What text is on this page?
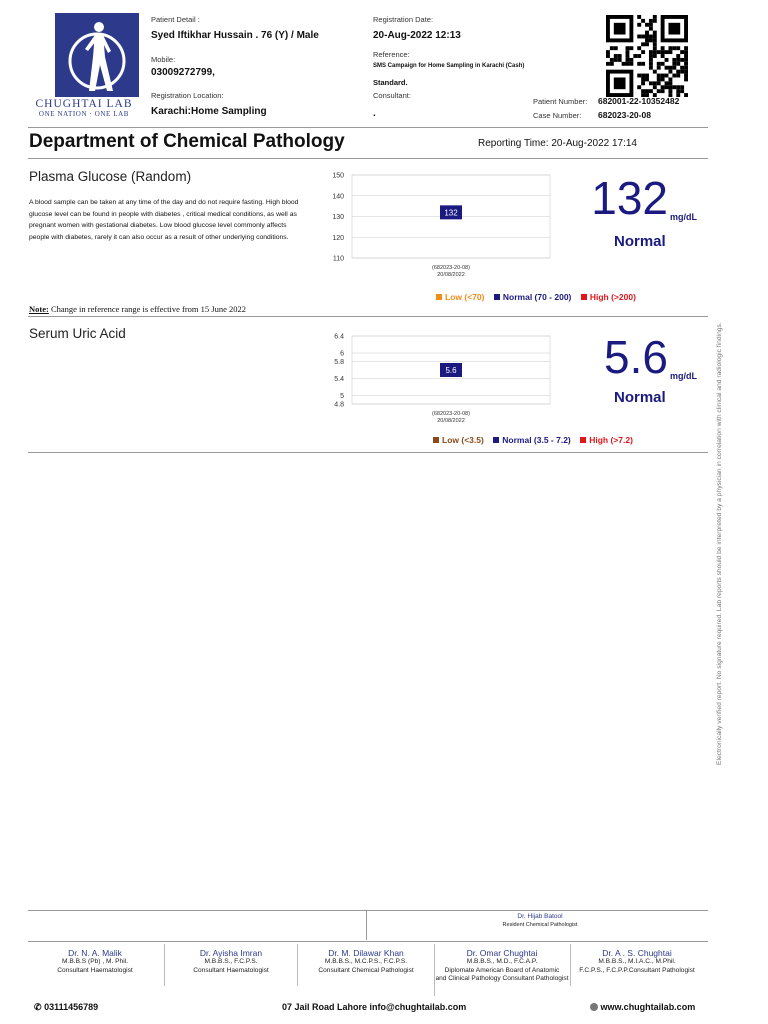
CHUGHTAI LAB
ONE NATION · ONE LAB
Patient Detail :
Syed Iftikhar Hussain . 76 (Y) / Male
Mobile:
03009272799,
Registration Location:
Karachi:Home Sampling
Registration Date:
20-Aug-2022 12:13
Reference:
SMS Campaign for Home Sampling in Karachi (Cash)
Standard.
Consultant:
.
Patient Number: 682001-22-10352482
Case Number: 682023-20-08
Department of Chemical Pathology	Reporting Time: 20-Aug-2022 17:14
Plasma Glucose (Random)
A blood sample can be taken at any time of the day and do not require fasting. High blood glucose level can be found in people with diabetes , critical medical conditions, as well as pregnant women with gestational diabetes. Low blood glucose level commonly affects people with diabetes, rarely it can also occur as a result of other underlying conditions.
150
140
130
120
110
132
(682023-20-08)
20/08/2022
132 mg/dL
Normal
Low (<70) Normal (70 - 200) High (>200)
Note: Change in reference range is effective from 15 June 2022
Serum Uric Acid	6.4
6
5.8
5.4
5
4.8
5.6
(682023-20-08)
20/08/2022
5.6 mg/dL
Normal
Low (<3.5) Normal (3.5 - 7.2) High (>7.2)	Electronically verified report. No signature required. Lab reports should be interpreted by a physician in correlation with clinical and radiologic findings.
Dr. Hijab Batool
Resident Chemical Pathologist
Dr. N. A. Malik
M.B.B.S (Pb) , M. Phil.
Consultant Haematologist
Dr. Ayisha Imran
M.B.B.S., F.C.P.S.
Consultant Haematologist
Dr. M. Dilawar Khan
M.B.B.S., M.C.P.S., F.C.P.S.
Consultant Chemical Pathologist
Dr. Omar Chughtai
M.B.B.S., M.D., F.C.A.P.
Diplomate American Board of Anatomic
and Clinical Pathology Consultant Pathologist
Dr. A . S. Chughtai
M.B.B.S., M.I.A.C., M.Phil.
F.C.P.S., F.C.P.P.Consultant Pathologist
✆ 03111456789	07 Jail Road Lahore info@chughtailab.com	www.chughtailab.com
